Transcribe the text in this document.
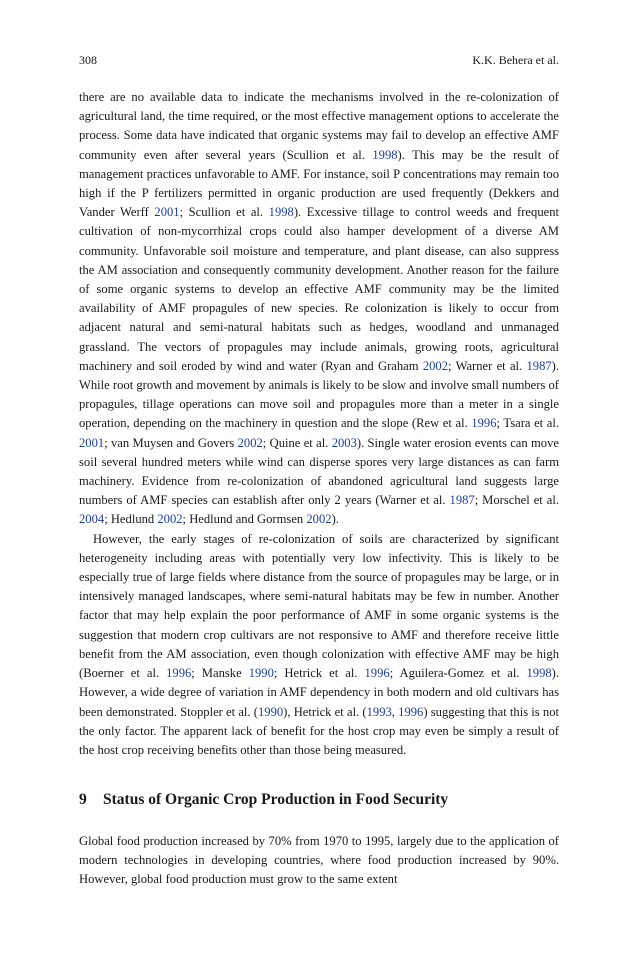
308	K.K. Behera et al.

there are no available data to indicate the mechanisms involved in the re-colonization of agricultural land, the time required, or the most effective management options to accelerate the process. Some data have indicated that organic systems may fail to develop an effective AMF community even after several years (Scullion et al. 1998). This may be the result of management practices unfavorable to AMF. For instance, soil P concentrations may remain too high if the P fertilizers permitted in organic production are used frequently (Dekkers and Vander Werff 2001; Scullion et al. 1998). Excessive tillage to control weeds and frequent cultivation of non-mycorrhizal crops could also hamper development of a diverse AM community. Unfavorable soil moisture and temperature, and plant disease, can also suppress the AM association and consequently community development. Another reason for the failure of some organic systems to develop an effective AMF community may be the limited availability of AMF propagules of new species. Re colonization is likely to occur from adjacent natural and semi-natural habitats such as hedges, woodland and unmanaged grassland. The vectors of propagules may include animals, growing roots, agricultural machinery and soil eroded by wind and water (Ryan and Graham 2002; Warner et al. 1987). While root growth and movement by animals is likely to be slow and involve small numbers of propagules, tillage operations can move soil and propagules more than a meter in a single operation, depending on the machinery in question and the slope (Rew et al. 1996; Tsara et al. 2001; van Muysen and Govers 2002; Quine et al. 2003). Single water erosion events can move soil several hundred meters while wind can disperse spores very large distances as can farm machinery. Evidence from re-colonization of abandoned agricultural land suggests large numbers of AMF species can establish after only 2 years (Warner et al. 1987; Morschel et al. 2004; Hedlund 2002; Hedlund and Gormsen 2002).

However, the early stages of re-colonization of soils are characterized by significant heterogeneity including areas with potentially very low infectivity. This is likely to be especially true of large fields where distance from the source of propagules may be large, or in intensively managed landscapes, where semi-natural habitats may be few in number. Another factor that may help explain the poor performance of AMF in some organic systems is the suggestion that modern crop cultivars are not responsive to AMF and therefore receive little benefit from the AM association, even though colonization with effective AMF may be high (Boerner et al. 1996; Manske 1990; Hetrick et al. 1996; Aguilera-Gomez et al. 1998). However, a wide degree of variation in AMF dependency in both modern and old cultivars has been demonstrated. Stoppler et al. (1990), Hetrick et al. (1993, 1996) suggesting that this is not the only factor. The apparent lack of benefit for the host crop may even be simply a result of the host crop receiving benefits other than those being measured.

9 Status of Organic Crop Production in Food Security

Global food production increased by 70% from 1970 to 1995, largely due to the application of modern technologies in developing countries, where food production increased by 90%. However, global food production must grow to the same extent
